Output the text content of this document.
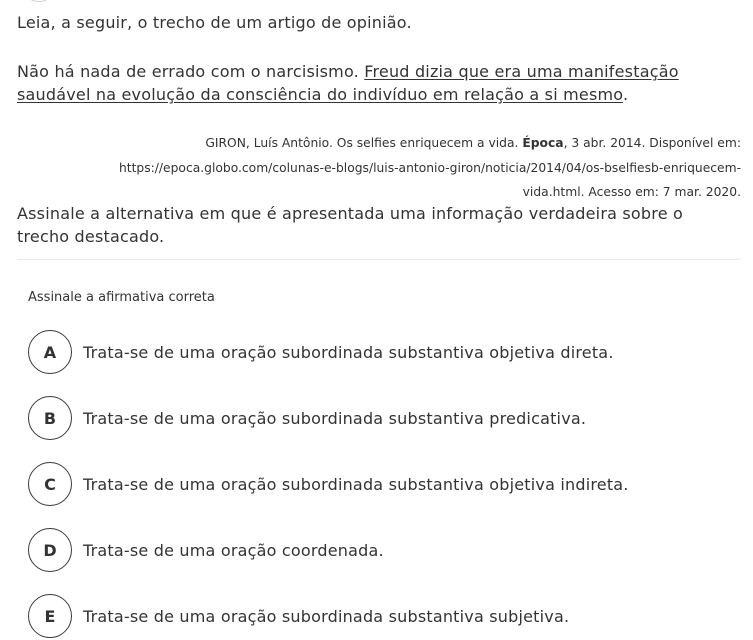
Leia, a seguir, o trecho de um artigo de opinião.
Não há nada de errado com o narcisismo. Freud dizia que era uma manifestação saudável na evolução da consciência do indivíduo em relação a si mesmo.
GIRON, Luís Antônio. Os selfies enriquecem a vida. Época, 3 abr. 2014. Disponível em: https://epoca.globo.com/colunas-e-blogs/luis-antonio-giron/noticia/2014/04/os-bselfiesb-enriquecem-vida.html. Acesso em: 7 mar. 2020.
Assinale a alternativa em que é apresentada uma informação verdadeira sobre o trecho destacado.
Assinale a afirmativa correta
A	Trata-se de uma oração subordinada substantiva objetiva direta.
B	Trata-se de uma oração subordinada substantiva predicativa.
C	Trata-se de uma oração subordinada substantiva objetiva indireta.
D	Trata-se de uma oração coordenada.
E	Trata-se de uma oração subordinada substantiva subjetiva.
